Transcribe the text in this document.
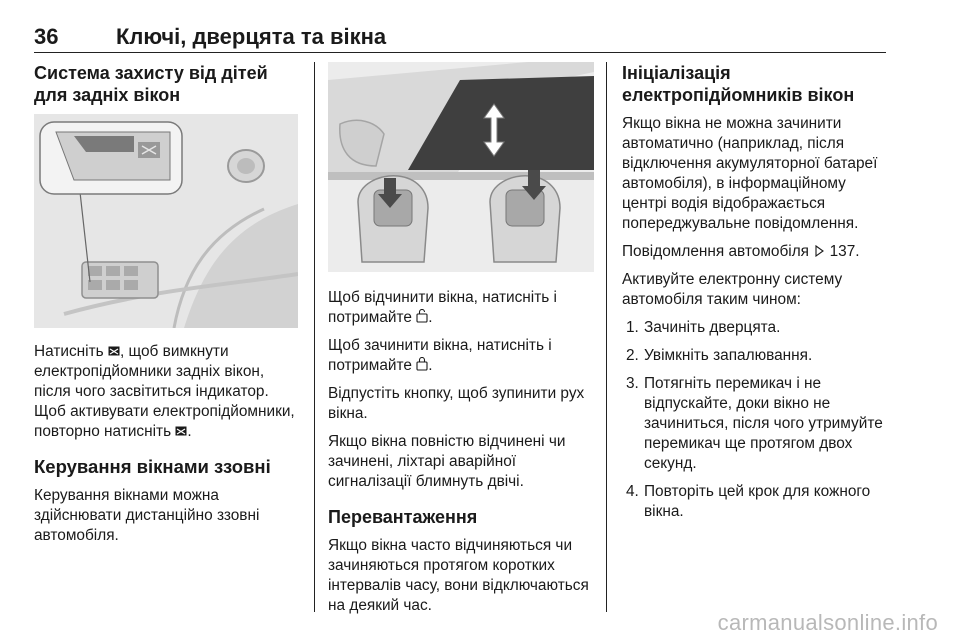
36	Ключі, дверцята та вікна
Система захисту від дітей для задніх вікон

Натисніть , щоб вимкнути електропідйомники задніх вікон, після чого засвітиться індикатор. Щоб активувати електропідйомники, повторно натисніть .

Керування вікнами ззовні

Керування вікнами можна здійснювати дистанційно ззовні автомобіля.

Щоб відчинити вікна, натисніть і потримайте .

Щоб зачинити вікна, натисніть і потримайте .

Відпустіть кнопку, щоб зупинити рух вікна.

Якщо вікна повністю відчинені чи зачинені, ліхтарі аварійної сигналізації блимнуть двічі.

Перевантаження

Якщо вікна часто відчиняються чи зачиняються протягом коротких інтервалів часу, вони відключаються на деякий час.

Ініціалізація електропідйомників вікон

Якщо вікна не можна зачинити автоматично (наприклад, після відключення акумуляторної батареї автомобіля), в інформаційному центрі водія відображається попереджувальне повідомлення.

Повідомлення автомобіля 137.

Активуйте електронну систему автомобіля таким чином:

1. Зачиніть дверцята.
2. Увімкніть запалювання.
3. Потягніть перемикач і не відпускайте, доки вікно не зачиниться, після чого утримуйте перемикач ще протягом двох секунд.
4. Повторіть цей крок для кожного вікна.
carmanualsonline.info
